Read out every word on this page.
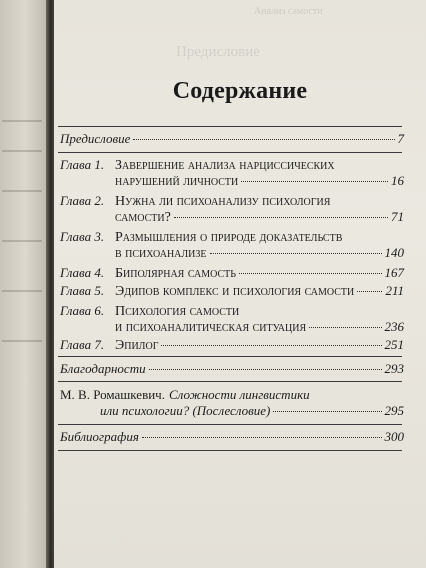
Анализ самости
Предисловие
Содержание
Предисловие	7
Глава 1. Завершение анализа нарциссических
нарушений личности	16
Глава 2. Нужна ли психоанализу психология
самости?	71
Глава 3. Размышления о природе доказательств
в психоанализе	140
Глава 4. Биполярная самость	167
Глава 5. Эдипов комплекс и психология самости 211
Глава 6. Психология самости
и психоаналитическая ситуация	236
Глава 7. Эпилог	251
Благодарности	293
М. В. Ромашкевич. Сложности лингвистики
или психологии? (Послесловие)	295
Библиография	300
